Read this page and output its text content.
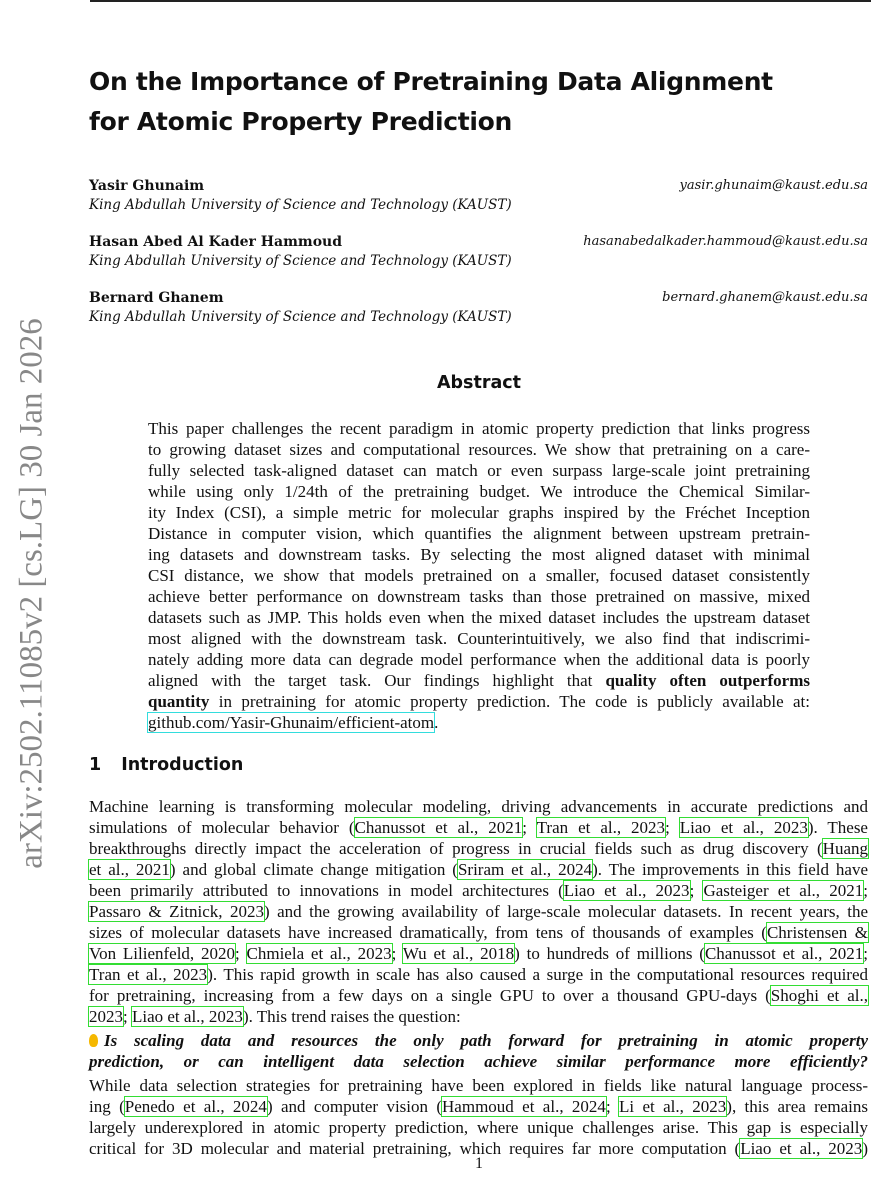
arXiv:2502.11085v2 [cs.LG] 30 Jan 2026
On the Importance of Pretraining Data Alignment
for Atomic Property Prediction
Yasir Ghunaim	yasir.ghunaim@kaust.edu.sa
King Abdullah University of Science and Technology (KAUST)
Hasan Abed Al Kader Hammoud	hasanabedalkader.hammoud@kaust.edu.sa
King Abdullah University of Science and Technology (KAUST)
Bernard Ghanem	bernard.ghanem@kaust.edu.sa
King Abdullah University of Science and Technology (KAUST)
Abstract
This paper challenges the recent paradigm in atomic property prediction that links progress
to growing dataset sizes and computational resources. We show that pretraining on a care-
fully selected task-aligned dataset can match or even surpass large-scale joint pretraining
while using only 1/24th of the pretraining budget. We introduce the Chemical Similar-
ity Index (CSI), a simple metric for molecular graphs inspired by the Fréchet Inception
Distance in computer vision, which quantifies the alignment between upstream pretrain-
ing datasets and downstream tasks. By selecting the most aligned dataset with minimal
CSI distance, we show that models pretrained on a smaller, focused dataset consistently
achieve better performance on downstream tasks than those pretrained on massive, mixed
datasets such as JMP. This holds even when the mixed dataset includes the upstream dataset
most aligned with the downstream task. Counterintuitively, we also find that indiscrimi-
nately adding more data can degrade model performance when the additional data is poorly
aligned with the target task. Our findings highlight that quality often outperforms
quantity in pretraining for atomic property prediction. The code is publicly available at:
github.com/Yasir-Ghunaim/efficient-atom.
1 Introduction
Machine learning is transforming molecular modeling, driving advancements in accurate predictions and
simulations of molecular behavior (Chanussot et al., 2021; Tran et al., 2023; Liao et al., 2023). These
breakthroughs directly impact the acceleration of progress in crucial fields such as drug discovery (Huang
et al., 2021) and global climate change mitigation (Sriram et al., 2024). The improvements in this field have
been primarily attributed to innovations in model architectures (Liao et al., 2023; Gasteiger et al., 2021;
Passaro & Zitnick, 2023) and the growing availability of large-scale molecular datasets. In recent years, the
sizes of molecular datasets have increased dramatically, from tens of thousands of examples (Christensen &
Von Lilienfeld, 2020; Chmiela et al., 2023; Wu et al., 2018) to hundreds of millions (Chanussot et al., 2021;
Tran et al., 2023). This rapid growth in scale has also caused a surge in the computational resources required
for pretraining, increasing from a few days on a single GPU to over a thousand GPU-days (Shoghi et al.,
2023; Liao et al., 2023). This trend raises the question:
Is scaling data and resources the only path forward for pretraining in atomic property
prediction, or can intelligent data selection achieve similar performance more efficiently?
While data selection strategies for pretraining have been explored in fields like natural language process-
ing (Penedo et al., 2024) and computer vision (Hammoud et al., 2024; Li et al., 2023), this area remains
largely underexplored in atomic property prediction, where unique challenges arise. This gap is especially
critical for 3D molecular and material pretraining, which requires far more computation (Liao et al., 2023)
1
